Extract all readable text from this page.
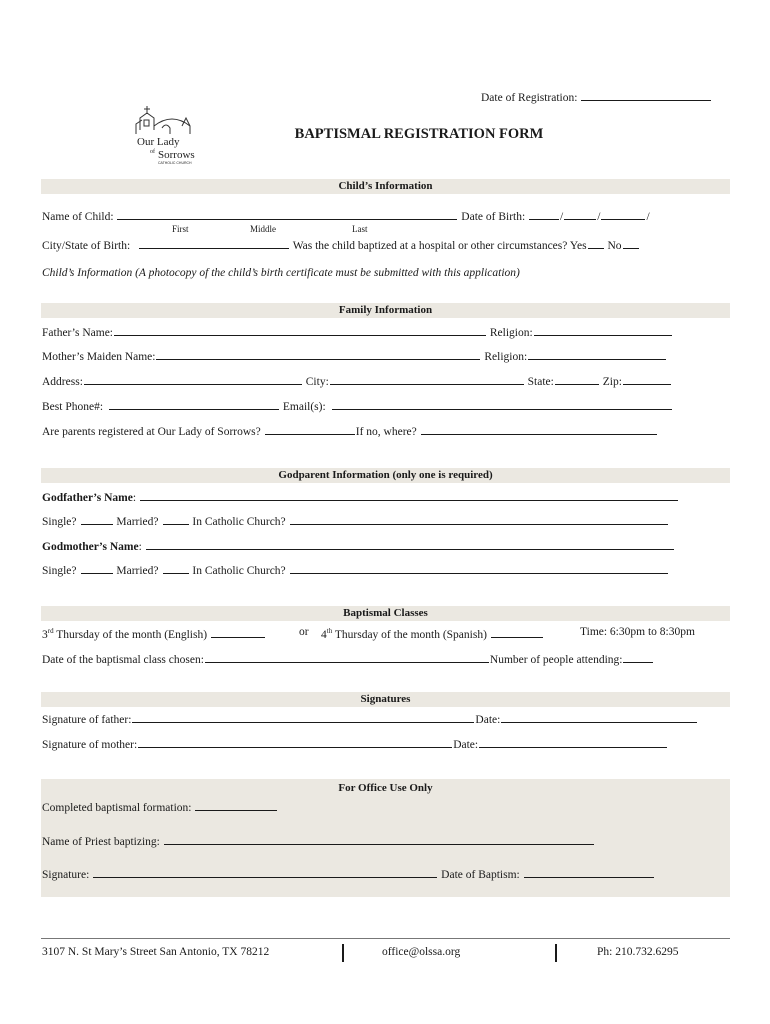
Date of Registration:
Our Lady
of Sorrows
CATHOLIC CHURCH
BAPTISMAL REGISTRATION FORM
Child’s Information
Name of Child:	Date of Birth:	/	/	/
First	Middle	Last
City/State of Birth:	Was the child baptized at a hospital or other circumstances? Yes No
Child’s Information (A photocopy of the child’s birth certificate must be submitted with this application)
Family Information
Father’s Name:	Religion:
Mother’s Maiden Name:	Religion:
Address:	City:	State:	Zip:
Best Phone#:	Email(s):
Are parents registered at Our Lady of Sorrows?	If no, where?
Godparent Information (only one is required)
Godfather’s Name:
Single?	Married?	In Catholic Church?
Godmother’s Name:
Single?	Married?	In Catholic Church?
Baptismal Classes
3rd Thursday of the month (English)	or 4th Thursday of the month (Spanish)	Time: 6:30pm to 8:30pm
Date of the baptismal class chosen:	Number of people attending:
Signatures
Signature of father:	Date:
Signature of mother:	Date:
For Office Use Only
Completed baptismal formation:
Name of Priest baptizing:
Signature:	Date of Baptism:
3107 N. St Mary’s Street San Antonio, TX 78212	office@olssa.org	Ph: 210.732.6295
